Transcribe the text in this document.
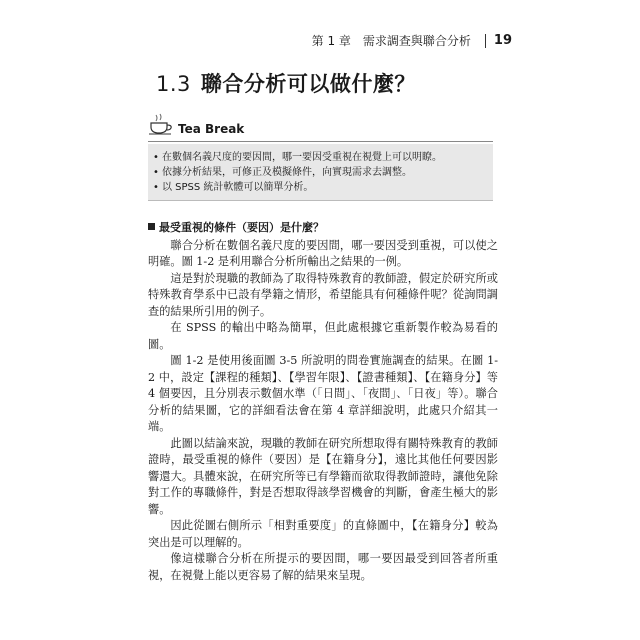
第 1 章　需求調查與聯合分析 19
1.3 聯合分析可以做什麼？
Tea Break
• 在數個名義尺度的要因間，哪一要因受重視在視覺上可以明瞭。
• 依據分析結果，可修正及模擬條件，向實現需求去調整。
• 以 SPSS 統計軟體可以簡單分析。
最受重視的條件（要因）是什麼？

聯合分析在數個名義尺度的要因間，哪一要因受到重視，可以使之明確。圖 1-2 是利用聯合分析所輸出之結果的一例。

這是對於現職的教師為了取得特殊教育的教師證，假定於研究所或特殊教育學系中已設有學籍之情形，希望能具有何種條件呢？從詢問調查的結果所引用的例子。

在 SPSS 的輸出中略為簡單，但此處根據它重新製作較為易看的圖。

圖 1-2 是使用後面圖 3-5 所說明的問卷實施調查的結果。在圖 1-2 中，設定【課程的種類】、【學習年限】、【證書種類】、【在籍身分】等 4 個要因，且分別表示數個水準（「日間」、「夜間」、「日夜」等）。聯合分析的結果圖，它的詳細看法會在第 4 章詳細說明，此處只介紹其一端。

此圖以結論來說，現職的教師在研究所想取得有關特殊教育的教師證時，最受重視的條件（要因）是【在籍身分】，遠比其他任何要因影響還大。具體來說，在研究所等已有學籍而欲取得教師證時，讓他免除對工作的專職條件，對是否想取得該學習機會的判斷，會產生極大的影響。

因此從圖右側所示「相對重要度」的直條圖中，【在籍身分】較為突出是可以理解的。

像這樣聯合分析在所提示的要因間，哪一要因最受到回答者所重視，在視覺上能以更容易了解的結果來呈現。
